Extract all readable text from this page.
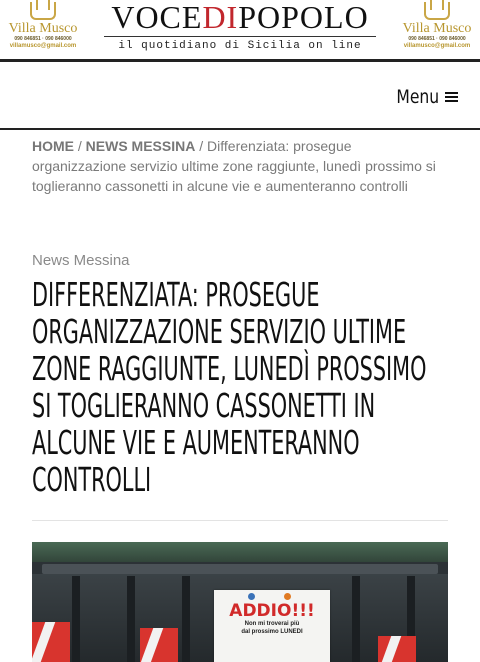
Villa Musco
090 846851 · 090 846000
villamusco@gmail.com
VOCEDIPOPOLO
il quotidiano di Sicilia on line
Villa Musco
090 846851 · 090 846000
villamusco@gmail.com
Menu
HOME / NEWS MESSINA / Differenziata: prosegue organizzazione servizio ultime zone raggiunte, lunedì prossimo si toglieranno cassonetti in alcune vie e aumenteranno controlli
News Messina
DIFFERENZIATA: PROSEGUE ORGANIZZAZIONE SERVIZIO ULTIME ZONE RAGGIUNTE, LUNEDÌ PROSSIMO SI TOGLIERANNO CASSONETTI IN ALCUNE VIE E AUMENTERANNO CONTROLLI
ADDIO!!!
Non mi troverai più
dal prossimo LUNEDI
